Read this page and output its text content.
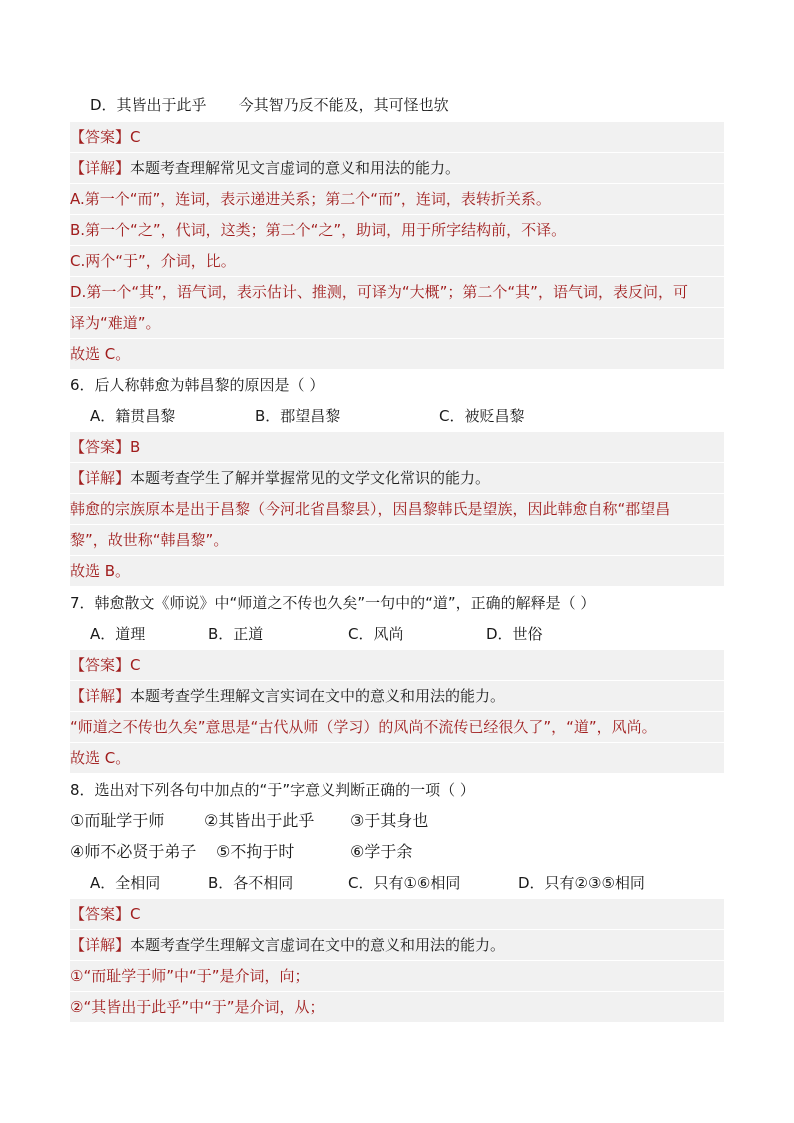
D．其皆出于此乎 今其智乃反不能及，其可怪也欤
【答案】C
【详解】本题考查理解常见文言虚词的意义和用法的能力。
A.第一个“而”，连词，表示递进关系；第二个“而”，连词，表转折关系。
B.第一个“之”，代词，这类；第二个“之”，助词，用于所字结构前，不译。
C.两个“于”，介词，比。
D.第一个“其”，语气词，表示估计、推测，可译为“大概”；第二个“其”，语气词，表反问，可
译为“难道”。
故选 C。
6．后人称韩愈为韩昌黎的原因是（ ）
A．籍贯昌黎	B．郡望昌黎	C．被贬昌黎
【答案】B
【详解】本题考查学生了解并掌握常见的文学文化常识的能力。
韩愈的宗族原本是出于昌黎（今河北省昌黎县），因昌黎韩氏是望族，因此韩愈自称“郡望昌
黎”，故世称“韩昌黎”。
故选 B。
7．韩愈散文《师说》中“师道之不传也久矣”一句中的“道”，正确的解释是（ ）
A．道理	B．正道	C．风尚	D．世俗
【答案】C
【详解】本题考查学生理解文言实词在文中的意义和用法的能力。
“师道之不传也久矣”意思是“古代从师（学习）的风尚不流传已经很久了”，“道”，风尚。
故选 C。
8．选出对下列各句中加点的“于”字意义判断正确的一项（ ）
①而耻学于师 ②其皆出于此乎 ③于其身也
④师不必贤于弟子 ⑤不拘于时	⑥学于余
A．全相同	B．各不相同	C．只有①⑥相同	D．只有②③⑤相同
【答案】C
【详解】本题考查学生理解文言虚词在文中的意义和用法的能力。
①“而耻学于师”中“于”是介词，向；
②“其皆出于此乎”中“于”是介词，从；
